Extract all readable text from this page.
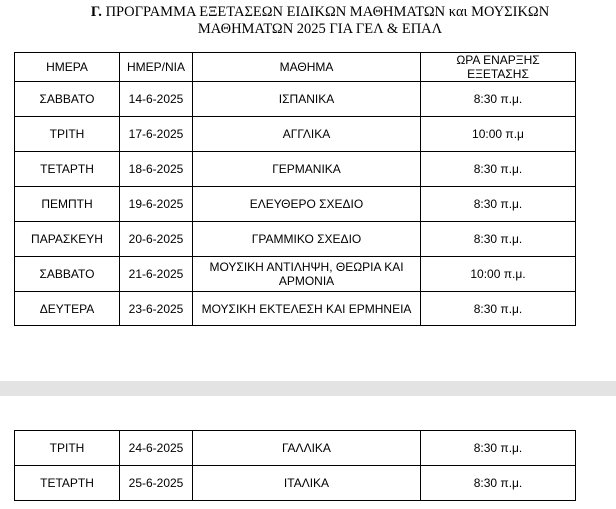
Γ. ΠΡΟΓΡΑΜΜΑ ΕΞΕΤΑΣΕΩΝ ΕΙΔΙΚΩΝ ΜΑΘΗΜΑΤΩΝ και ΜΟΥΣΙΚΩΝ
ΜΑΘΗΜΑΤΩΝ 2025 ΓΙΑ ΓΕΛ & ΕΠΑΛ
ΗΜΕΡΑ	ΗΜΕΡ/ΝΙΑ	ΜΑΘΗΜΑ	ΩΡΑ ΕΝΑΡΞΗΣ ΕΞΕΤΑΣΗΣ
ΣΑΒΒΑΤΟ	14-6-2025	ΙΣΠΑΝΙΚΑ	8:30 π.μ.
ΤΡΙΤΗ	17-6-2025	ΑΓΓΛΙΚΑ	10:00 π.μ
ΤΕΤΑΡΤΗ	18-6-2025	ΓΕΡΜΑΝΙΚΑ	8:30 π.μ.
ΠΕΜΠΤΗ	19-6-2025	ΕΛΕΥΘΕΡΟ ΣΧΕΔΙΟ	8:30 π.μ.
ΠΑΡΑΣΚΕΥΗ	20-6-2025	ΓΡΑΜΜΙΚΟ ΣΧΕΔΙΟ	8:30 π.μ.
ΣΑΒΒΑΤΟ	21-6-2025	ΜΟΥΣΙΚΗ ΑΝΤΙΛΗΨΗ, ΘΕΩΡΙΑ ΚΑΙ ΑΡΜΟΝΙΑ	10:00 π.μ.
ΔΕΥΤΕΡΑ	23-6-2025	ΜΟΥΣΙΚΗ ΕΚΤΕΛΕΣΗ ΚΑΙ ΕΡΜΗΝΕΙΑ	8:30 π.μ.
ΤΡΙΤΗ	24-6-2025	ΓΑΛΛΙΚΑ	8:30 π.μ.
ΤΕΤΑΡΤΗ	25-6-2025	ΙΤΑΛΙΚΑ	8:30 π.μ.
